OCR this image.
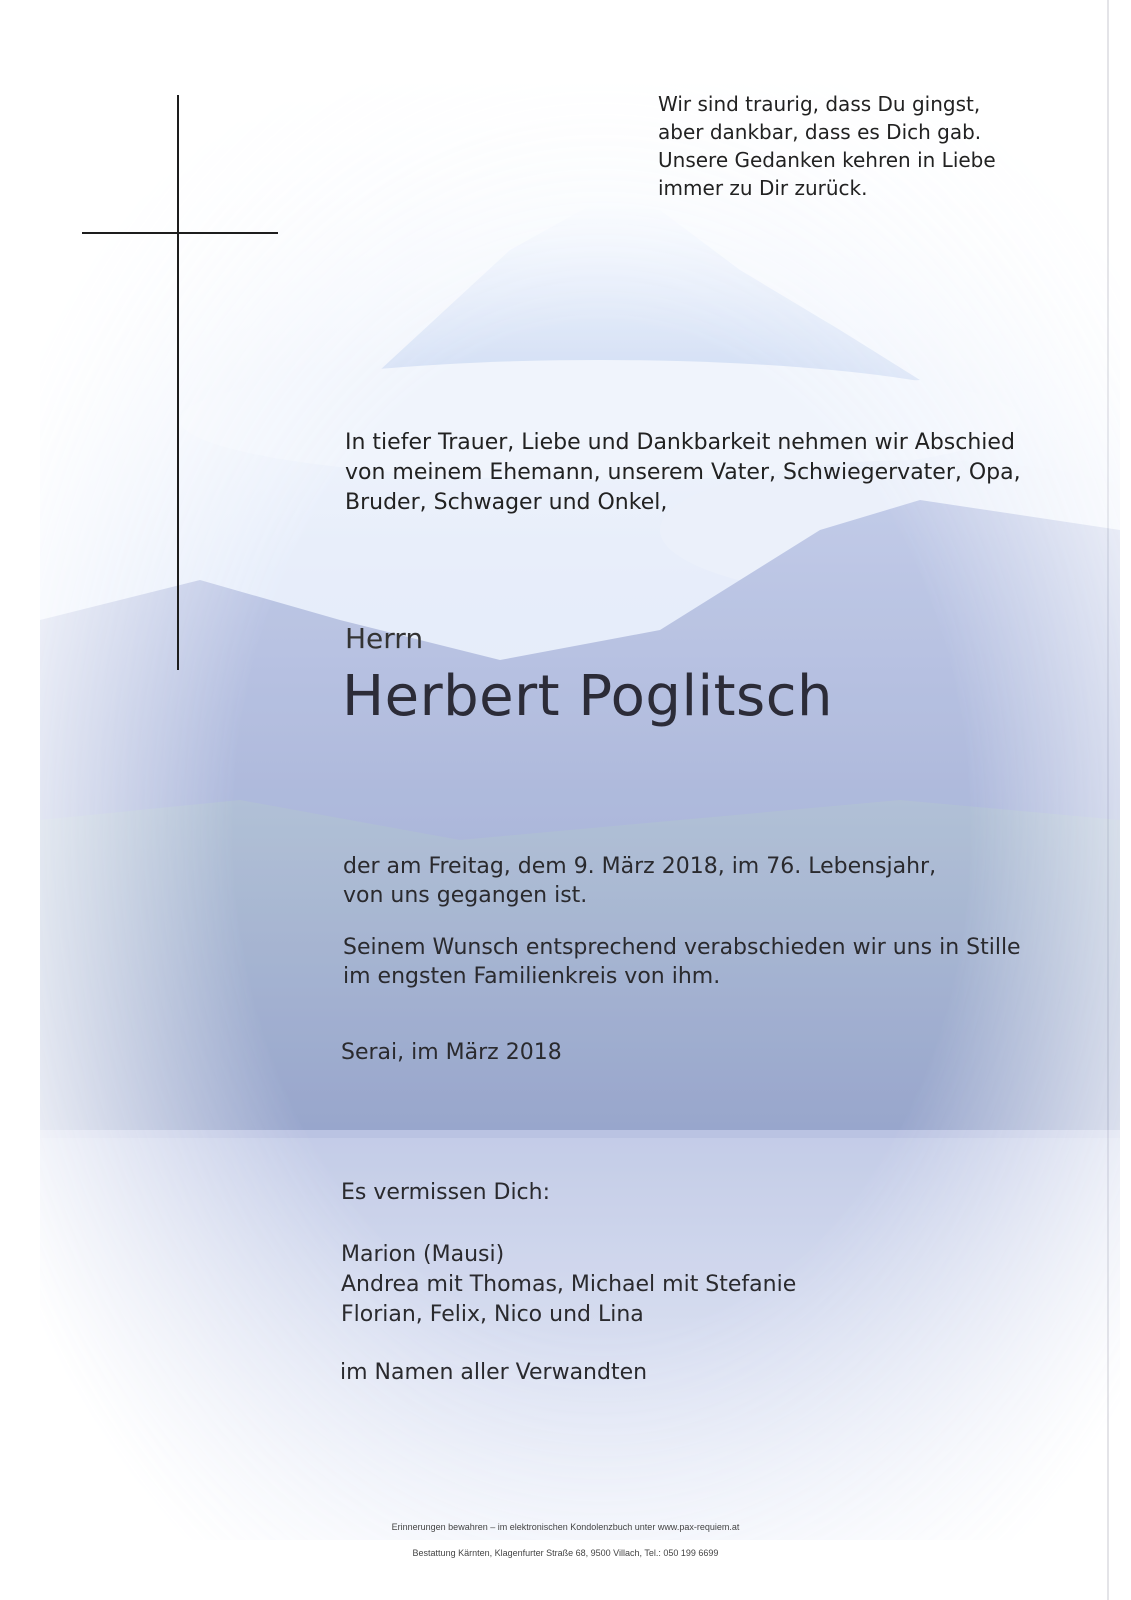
Wir sind traurig, dass Du gingst,
aber dankbar, dass es Dich gab.
Unsere Gedanken kehren in Liebe
immer zu Dir zurück.
In tiefer Trauer, Liebe und Dankbarkeit nehmen wir Abschied
von meinem Ehemann, unserem Vater, Schwiegervater, Opa,
Bruder, Schwager und Onkel,
Herrn
Herbert Poglitsch
der am Freitag, dem 9. März 2018, im 76. Lebensjahr,
von uns gegangen ist.
Seinem Wunsch entsprechend verabschieden wir uns in Stille
im engsten Familienkreis von ihm.
Serai, im März 2018
Es vermissen Dich:
Marion (Mausi)
Andrea mit Thomas, Michael mit Stefanie
Florian, Felix, Nico und Lina
im Namen aller Verwandten
Erinnerungen bewahren – im elektronischen Kondolenzbuch unter www.pax-requiem.at
Bestattung Kärnten, Klagenfurter Straße 68, 9500 Villach, Tel.: 050 199 6699
